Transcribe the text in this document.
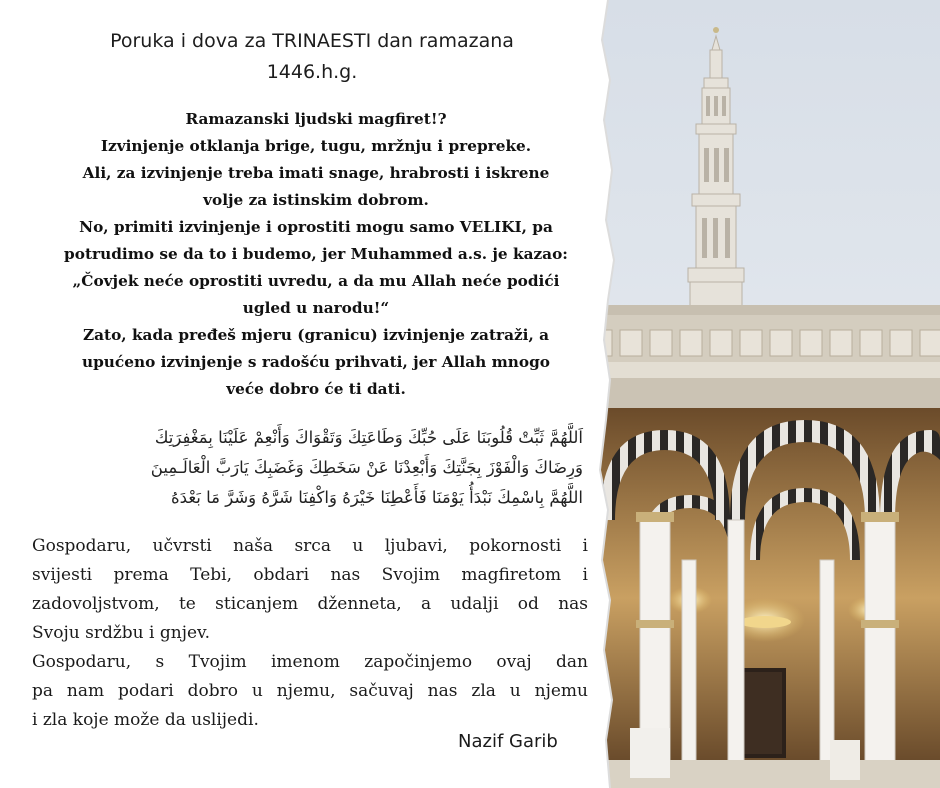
Poruka i dova za TRINAESTI dan ramazana
1446.h.g.
Ramazanski ljudski magfiret!?
Izvinjenje otklanja brige, tugu, mržnju i prepreke.
Ali, za izvinjenje treba imati snage, hrabrosti i iskrene
volje za istinskim dobrom.
No, primiti izvinjenje i oprostiti mogu samo VELIKI, pa
potrudimo se da to i budemo, jer Muhammed a.s. je kazao:
„Čovjek neće oprostiti uvredu, a da mu Allah neće podići
ugled u narodu!“
Zato, kada pređeš mjeru (granicu) izvinjenje zatraži, a
upućeno izvinjenje s radošću prihvati, jer Allah mnogo
veće dobro će ti dati.
اَللَّهُمَّ ثَبِّتْ قُلُوبَنَا عَلَى حُبِّكَ وَطَاعَتِكَ وَتَقْوَاكَ وَأَنْعِمْ عَلَيْنَا بِمَغْفِرَتِكَ
وَرِضَاكَ وَالْفَوْزَ بِجَنَّتِكَ وَأَبْعِدْنَا عَنْ سَخَطِكَ وَغَضَبِكَ يَارَبَّ الْعَالَـمِينَ
اللَّهُمَّ بِاسْمِكَ نَبْدَأُ يَوْمَنَا فَأَعْطِنَا خَيْرَهُ وَاكْفِنَا شَرَّهُ وَشَرَّ مَا بَعْدَهُ
Gospodaru, učvrsti naša srca u ljubavi, pokornosti i
svijesti prema Tebi, obdari nas Svojim magfiretom i
zadovoljstvom, te sticanjem dženneta, a udalji od nas
Svoju srdžbu i gnjev.
Gospodaru, s Tvojim imenom započinjemo ovaj dan
pa nam podari dobro u njemu, sačuvaj nas zla u njemu
i zla koje može da uslijedi.
Nazif Garib
